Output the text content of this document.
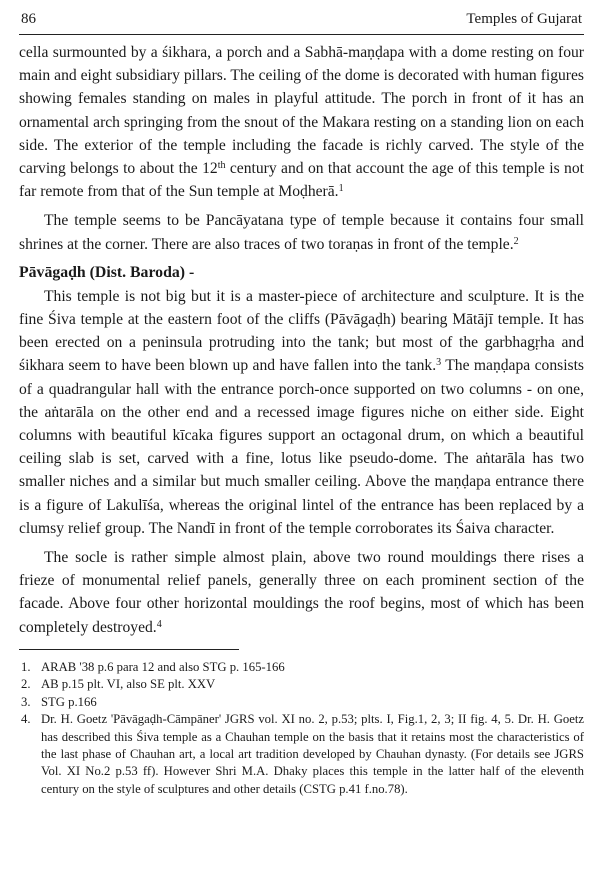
86	Temples of Gujarat

cella surmounted by a śikhara, a porch and a Sabhā-maṇḍapa with a dome resting on four main and eight subsidiary pillars. The ceiling of the dome is decorated with human figures showing females standing on males in playful attitude. The porch in front of it has an ornamental arch springing from the snout of the Makara resting on a standing lion on each side. The exterior of the temple including the facade is richly carved. The style of the carving belongs to about the 12th century and on that account the age of this temple is not far remote from that of the Sun temple at Moḍherā.$^1$

The temple seems to be Pancāyatana type of temple because it contains four small shrines at the corner. There are also traces of two toraṇas in front of the temple.$^2$

Pāvāgaḍh (Dist. Baroda) -

This temple is not big but it is a master-piece of architecture and sculpture. It is the fine Śiva temple at the eastern foot of the cliffs (Pāvāgaḍh) bearing Mātājī temple. It has been erected on a peninsula protruding into the tank; but most of the garbhagṛha and śikhara seem to have been blown up and have fallen into the tank.$^3$ The maṇḍapa consists of a quadrangular hall with the entrance porch-once supported on two columns - on one, the aṅtarāla on the other end and a recessed image figures niche on either side. Eight columns with beautiful kīcaka figures support an octagonal drum, on which a beautiful ceiling slab is set, carved with a fine, lotus like pseudo-dome. The aṅtarāla has two smaller niches and a similar but much smaller ceiling. Above the maṇḍapa entrance there is a figure of Lakulīśa, whereas the original lintel of the entrance has been replaced by a clumsy relief group. The Nandī in front of the temple corroborates its Śaiva character.

The socle is rather simple almost plain, above two round mouldings there rises a frieze of monumental relief panels, generally three on each prominent section of the facade. Above four other horizontal mouldings the roof begins, most of which has been completely destroyed.$^4$

1. ARAB '38 p.6 para 12 and also STG p. 165-166
2. AB p.15 plt. VI, also SE plt. XXV
3. STG p.166
4. Dr. H. Goetz 'Pāvāgaḍh-Cāmpāner' JGRS vol. XI no. 2, p.53; plts. I, Fig.1, 2, 3; II fig. 4, 5. Dr. H. Goetz has described this Śiva temple as a Chauhan temple on the basis that it retains most the characteristics of the last phase of Chauhan art, a local art tradition developed by Chauhan dynasty. (For details see JGRS Vol. XI No.2 p.53 ff). However Shri M.A. Dhaky places this temple in the latter half of the eleventh century on the style of sculptures and other details (CSTG p.41 f.no.78).
